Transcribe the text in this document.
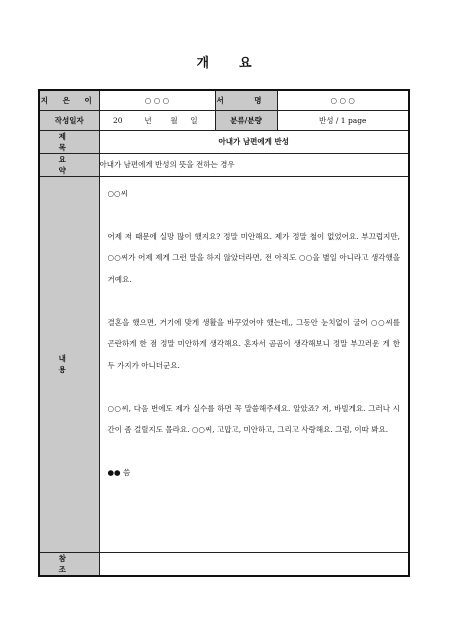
개 요
지 은 이	○ ○ ○	서 명	○ ○ ○
작성일자	20 년 월 일	분류/분량	반성 / 1 page
제 목	아내가 남편에게 반성		
요 약	아내가 남편에게 반성의 뜻을 전하는 경우		
내 용	○○씨

어제 저 때문에 실망 많이 했지요? 정말 미안해요. 제가 정말 철이 없었어요. 부끄럽지만, ○○씨가 어제 제게 그런 말을 하지 않았더라면, 전 아직도 ○○을 별일 아니라고 생각했을 거예요.

결혼을 했으면, 거기에 맞게 생활을 바꾸었어야 했는데,, 그동안 눈치없이 굴어 ○○씨를 곤란하게 한 점 정말 미안하게 생각해요. 혼자서 곰곰이 생각해보니 정말 부끄러운 게 한 두 가지가 아니더군요.

○○씨, 다음 번에도 제가 실수를 하면 꼭 말씀해주세요. 알았죠? 저, 바빌게요. 그러나 시간이 좀 걸릴지도 몰라요. ○○씨, 고맙고, 미안하고, 그리고 사랑해요. 그럼, 이따 봐요.

●● 씀		

참 조			
